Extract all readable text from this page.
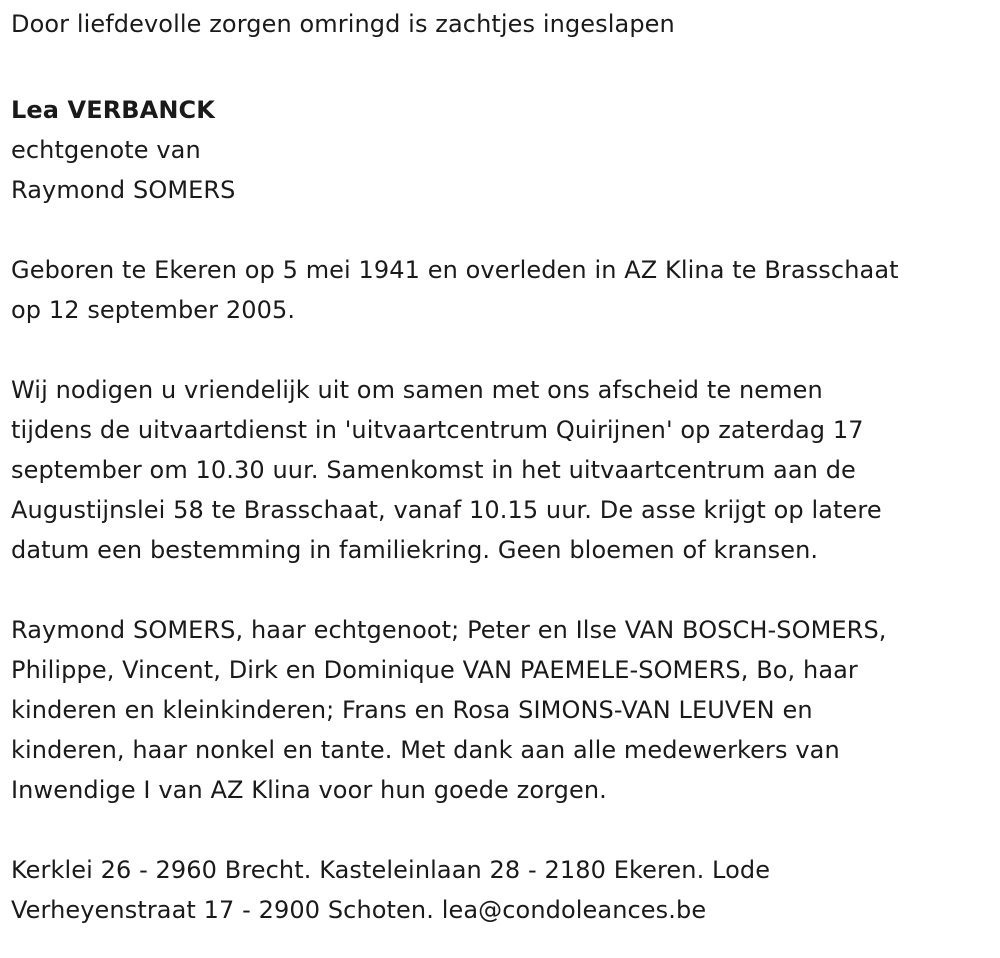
Door liefdevolle zorgen omringd is zachtjes ingeslapen
Lea VERBANCK
echtgenote van
Raymond SOMERS
Geboren te Ekeren op 5 mei 1941 en overleden in AZ Klina te Brasschaat
op 12 september 2005.
Wij nodigen u vriendelijk uit om samen met ons afscheid te nemen
tijdens de uitvaartdienst in 'uitvaartcentrum Quirijnen' op zaterdag 17
september om 10.30 uur. Samenkomst in het uitvaartcentrum aan de
Augustijnslei 58 te Brasschaat, vanaf 10.15 uur. De asse krijgt op latere
datum een bestemming in familiekring. Geen bloemen of kransen.
Raymond SOMERS, haar echtgenoot; Peter en Ilse VAN BOSCH-SOMERS,
Philippe, Vincent, Dirk en Dominique VAN PAEMELE-SOMERS, Bo, haar
kinderen en kleinkinderen; Frans en Rosa SIMONS-VAN LEUVEN en
kinderen, haar nonkel en tante. Met dank aan alle medewerkers van
Inwendige I van AZ Klina voor hun goede zorgen.
Kerklei 26 - 2960 Brecht. Kasteleinlaan 28 - 2180 Ekeren. Lode
Verheyenstraat 17 - 2900 Schoten. lea@condoleances.be
